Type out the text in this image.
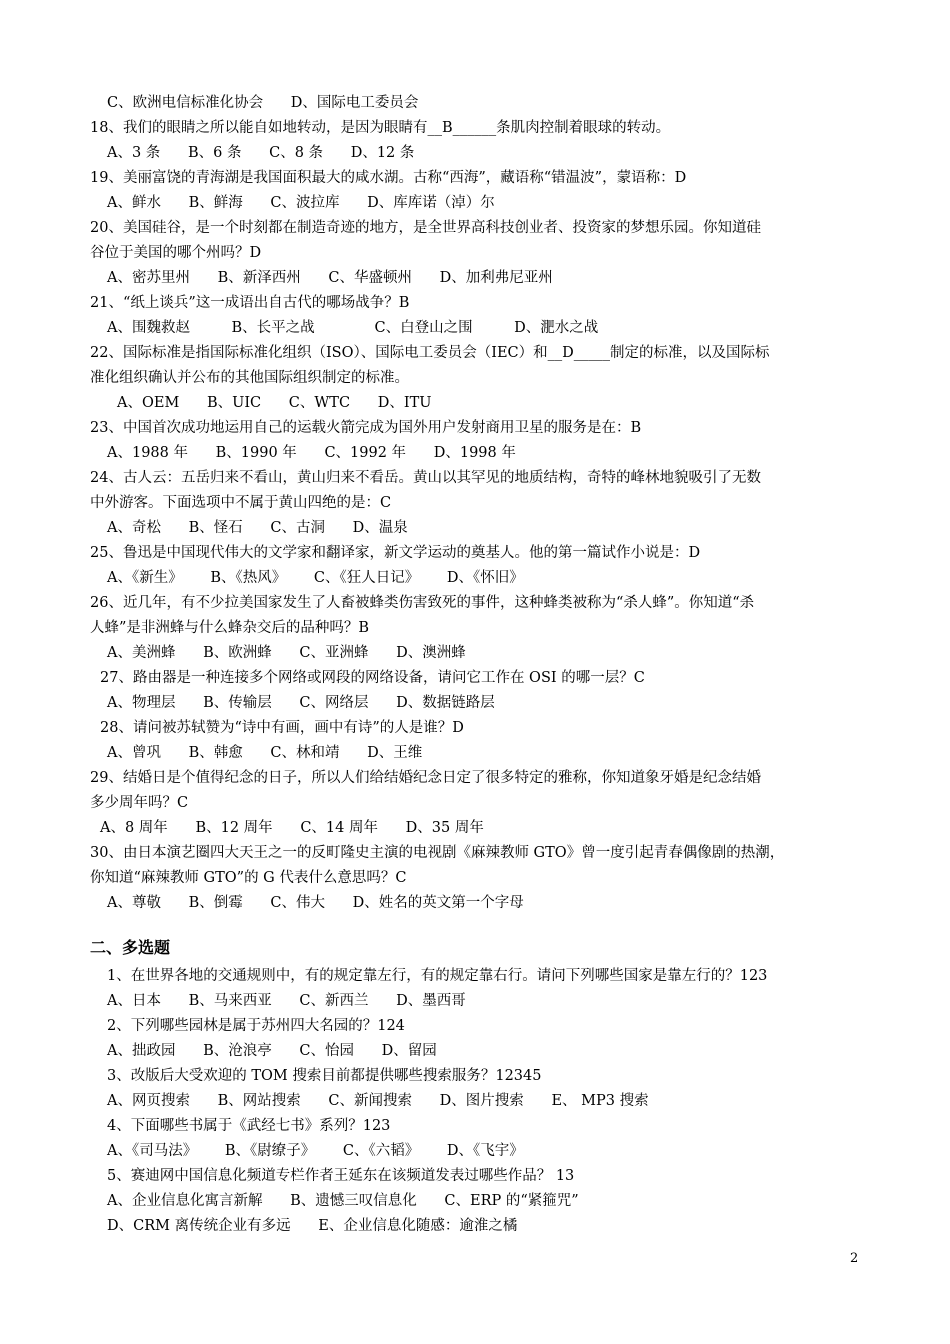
C、欧洲电信标准化协会      D、国际电工委员会
18、我们的眼睛之所以能自如地转动，是因为眼睛有__B______条肌肉控制着眼球的转动。
A、3 条      B、6 条      C、8 条      D、12 条
19、美丽富饶的青海湖是我国面积最大的咸水湖。古称“西海”，藏语称“错温波”，蒙语称：D
A、鲜水      B、鲜海      C、波拉库      D、库库诺（淖）尔
20、美国硅谷，是一个时刻都在制造奇迹的地方，是全世界高科技创业者、投资家的梦想乐园。你知道硅
谷位于美国的哪个州吗？D
A、密苏里州      B、新泽西州      C、华盛顿州      D、加利弗尼亚州
21、“纸上谈兵”这一成语出自古代的哪场战争？B
A、围魏救赵         B、长平之战             C、白登山之围         D、淝水之战
22、国际标准是指国际标准化组织（ISO）、国际电工委员会（IEC）和__D_____制定的标准，以及国际标
准化组织确认并公布的其他国际组织制定的标准。
A、OEM      B、UIC      C、WTC      D、ITU
23、中国首次成功地运用自己的运载火箭完成为国外用户发射商用卫星的服务是在：B
A、1988 年      B、1990 年      C、1992 年      D、1998 年
24、古人云：五岳归来不看山，黄山归来不看岳。黄山以其罕见的地质结构，奇特的峰林地貌吸引了无数
中外游客。下面选项中不属于黄山四绝的是：C
A、奇松      B、怪石      C、古洞      D、温泉
25、鲁迅是中国现代伟大的文学家和翻译家，新文学运动的奠基人。他的第一篇试作小说是：D
A、《新生》      B、《热风》      C、《狂人日记》      D、《怀旧》
26、近几年，有不少拉美国家发生了人畜被蜂类伤害致死的事件，这种蜂类被称为“杀人蜂”。你知道“杀
人蜂”是非洲蜂与什么蜂杂交后的品种吗？B
A、美洲蜂      B、欧洲蜂      C、亚洲蜂      D、澳洲蜂
27、路由器是一种连接多个网络或网段的网络设备，请问它工作在 OSI 的哪一层？C
A、物理层      B、传输层      C、网络层      D、数据链路层
28、请问被苏轼赞为“诗中有画，画中有诗”的人是谁？D
A、曾巩      B、韩愈      C、林和靖      D、王维
29、结婚日是个值得纪念的日子，所以人们给结婚纪念日定了很多特定的雅称，你知道象牙婚是纪念结婚
多少周年吗？C
A、8 周年      B、12 周年      C、14 周年      D、35 周年
30、由日本演艺圈四大天王之一的反町隆史主演的电视剧《麻辣教师 GTO》曾一度引起青春偶像剧的热潮，
你知道“麻辣教师 GTO”的 G 代表什么意思吗？C
A、尊敬      B、倒霉      C、伟大      D、姓名的英文第一个字母
二、多选题
1、在世界各地的交通规则中，有的规定靠左行，有的规定靠右行。请问下列哪些国家是靠左行的？123
A、日本      B、马来西亚      C、新西兰      D、墨西哥
2、下列哪些园林是属于苏州四大名园的？124
A、拙政园      B、沧浪亭      C、怡园      D、留园
3、改版后大受欢迎的 TOM 搜索目前都提供哪些搜索服务？12345
A、网页搜索      B、网站搜索      C、新闻搜索      D、图片搜索      E、 MP3 搜索
4、下面哪些书属于《武经七书》系列？123
A、《司马法》      B、《尉缭子》      C、《六韬》      D、《飞宇》
5、赛迪网中国信息化频道专栏作者王延东在该频道发表过哪些作品？ 13
A、企业信息化寓言新解      B、遗憾三叹信息化      C、ERP 的“紧箍咒”
D、CRM 离传统企业有多远      E、企业信息化随感：逾淮之橘
2
